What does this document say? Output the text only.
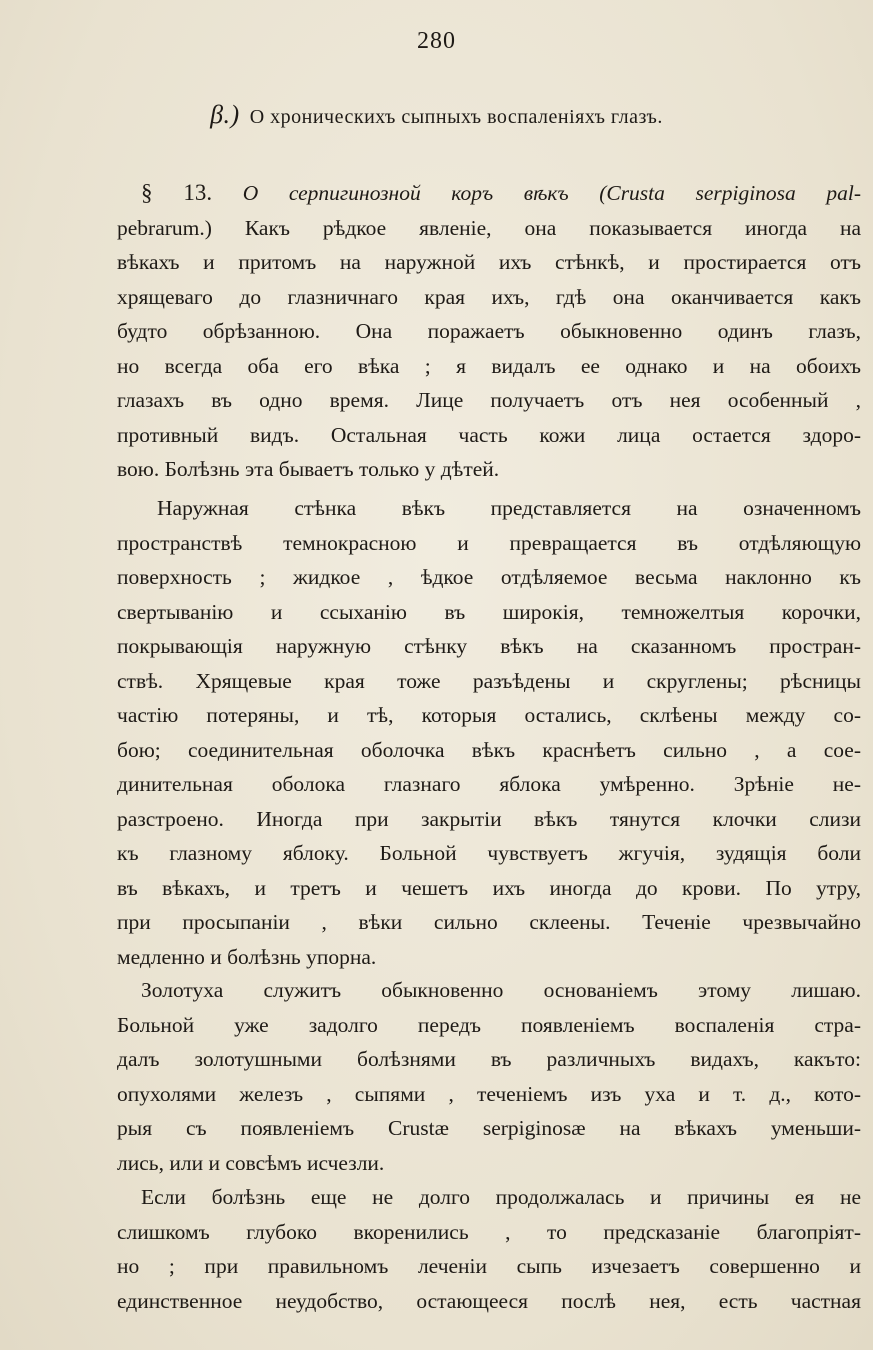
280
β.) О хроническихъ сыпныхъ воспаленіяхъ глазъ.
§ 13. О серпигинозной коръ вѣкъ (Crusta serpiginosa pal-
pebrarum.) Какъ рѣдкое явленіе, она показывается иногда на
вѣкахъ и притомъ на наружной ихъ стѣнкѣ, и простирается отъ
хрящеваго до глазничнаго края ихъ, гдѣ она оканчивается какъ
будто обрѣзанною. Она поражаетъ обыкновенно одинъ глазъ,
но всегда оба его вѣка ; я видалъ ее однако и на обоихъ
глазахъ въ одно время. Лице получаетъ отъ нея особенный ,
противный видъ. Остальная часть кожи лица остается здоро-
вою. Болѣзнь эта бываетъ только у дѣтей.
Наружная стѣнка вѣкъ представляется на означенномъ
пространствѣ темнокрасною и превращается въ отдѣляющую
поверхность ; жидкое , ѣдкое отдѣляемое весьма наклонно къ
свертыванію и ссыханію въ широкія, темножелтыя корочки,
покрывающія наружную стѣнку вѣкъ на сказанномъ простран-
ствѣ. Хрящевые края тоже разъѣдены и скруглены; рѣсницы
частію потеряны, и тѣ, которыя остались, склѣены между со-
бою; соединительная оболочка вѣкъ краснѣетъ сильно , а сое-
динительная оболока глазнаго яблока умѣренно. Зрѣніе не-
разстроено. Иногда при закрытіи вѣкъ тянутся клочки слизи
къ глазному яблоку. Больной чувствуетъ жгучія, зудящія боли
въ вѣкахъ, и третъ и чешетъ ихъ иногда до крови. По утру,
при просыпаніи , вѣки сильно склеены. Теченіе чрезвычайно
медленно и болѣзнь упорна.
Золотуха служитъ обыкновенно основаніемъ этому лишаю.
Больной уже задолго передъ появленіемъ воспаленія стра-
далъ золотушными болѣзнями въ различныхъ видахъ, какъто:
опухолями железъ , сыпями , теченіемъ изъ уха и т. д., кото-
рыя съ появленіемъ Crustæ serpiginosæ на вѣкахъ уменьши-
лись, или и совсѣмъ исчезли.
Если болѣзнь еще не долго продолжалась и причины ея не
слишкомъ глубоко вкоренились , то предсказаніе благопріят-
но ; при правильномъ леченіи сыпь изчезаетъ совершенно и
единственное неудобство, остающееся послѣ нея, есть частная
